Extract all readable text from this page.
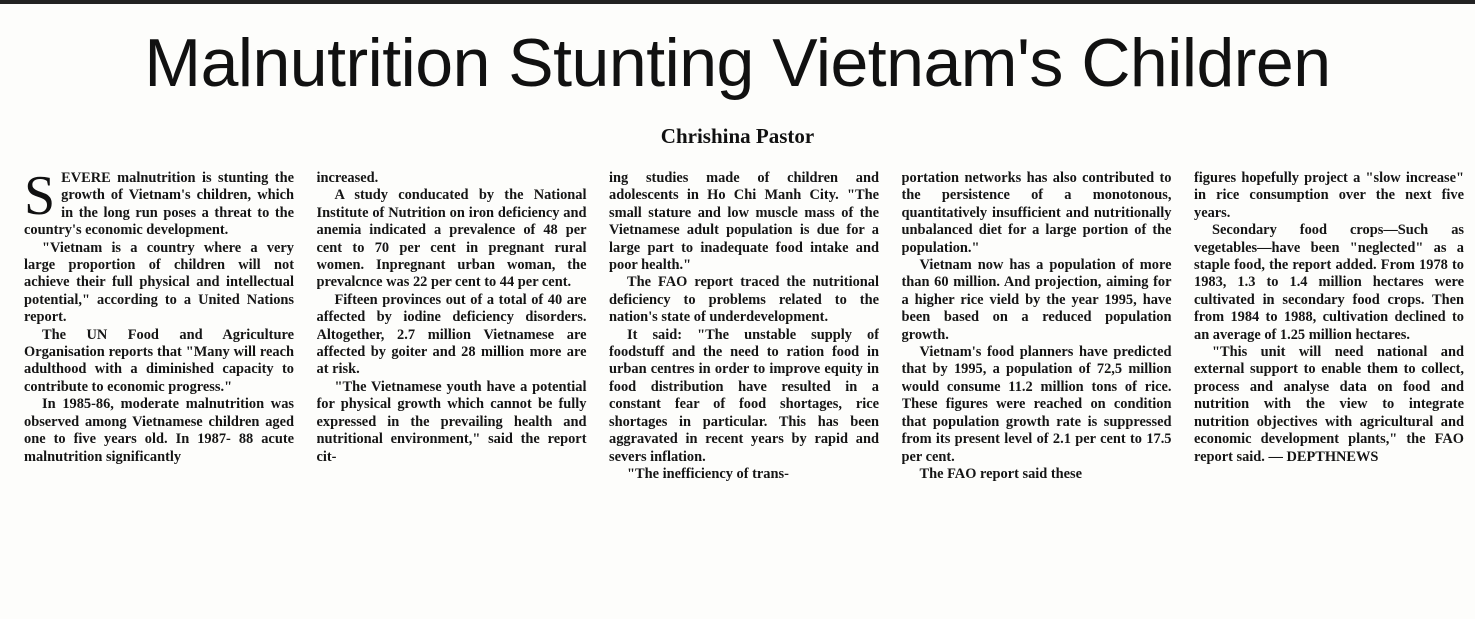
Malnutrition Stunting Vietnam's Children
Chrishina Pastor

SEVERE malnutrition is stunting the growth of Vietnam's children, which in the long run poses a threat to the country's economic development.

"Vietnam is a country where a very large proportion of children will not achieve their full physical and intellectual potential," according to a United Nations report.

The UN Food and Agriculture Organisation reports that "Many will reach adulthood with a diminished capacity to contribute to economic progress."

In 1985-86, moderate malnutrition was observed among Vietnamese children aged one to five years old. In 1987- 88 acute malnutrition significantly

increased.

A study conducated by the National Institute of Nutrition on iron deficiency and anemia indicated a prevalence of 48 per cent to 70 per cent in pregnant rural women. Inpregnant urban woman, the prevalcnce was 22 per cent to 44 per cent.

Fifteen provinces out of a total of 40 are affected by iodine deficiency disorders. Altogether, 2.7 million Vietnamese are affected by goiter and 28 million more are at risk.

"The Vietnamese youth have a potential for physical growth which cannot be fully expressed in the prevailing health and nutritional environment," said the report cit-

ing studies made of children and adolescents in Ho Chi Manh City. "The small stature and low muscle mass of the Vietnamese adult population is due for a large part to inadequate food intake and poor health."

The FAO report traced the nutritional deficiency to problems related to the nation's state of underdevelopment.

It said: "The unstable supply of foodstuff and the need to ration food in urban centres in order to improve equity in food distribution have resulted in a constant fear of food shortages, rice shortages in particular. This has been aggravated in recent years by rapid and severs inflation.

"The inefficiency of trans-

portation networks has also contributed to the persistence of a monotonous, quantitatively insufficient and nutritionally unbalanced diet for a large portion of the population."

Vietnam now has a population of more than 60 million. And projection, aiming for a higher rice vield by the year 1995, have been based on a reduced population growth.

Vietnam's food planners have predicted that by 1995, a population of 72,5 million would consume 11.2 million tons of rice. These figures were reached on condition that population growth rate is suppressed from its present level of 2.1 per cent to 17.5 per cent.

The FAO report said these

figures hopefully project a "slow increase" in rice consumption over the next five years.

Secondary food crops—Such as vegetables—have been "neglected" as a staple food, the report added. From 1978 to 1983, 1.3 to 1.4 million hectares were cultivated in secondary food crops. Then from 1984 to 1988, cultivation declined to an average of 1.25 million hectares.

"This unit will need national and external support to enable them to collect, process and analyse data on food and nutrition with the view to integrate nutrition objectives with agricultural and economic development plants," the FAO report said. — DEPTHNEWS
